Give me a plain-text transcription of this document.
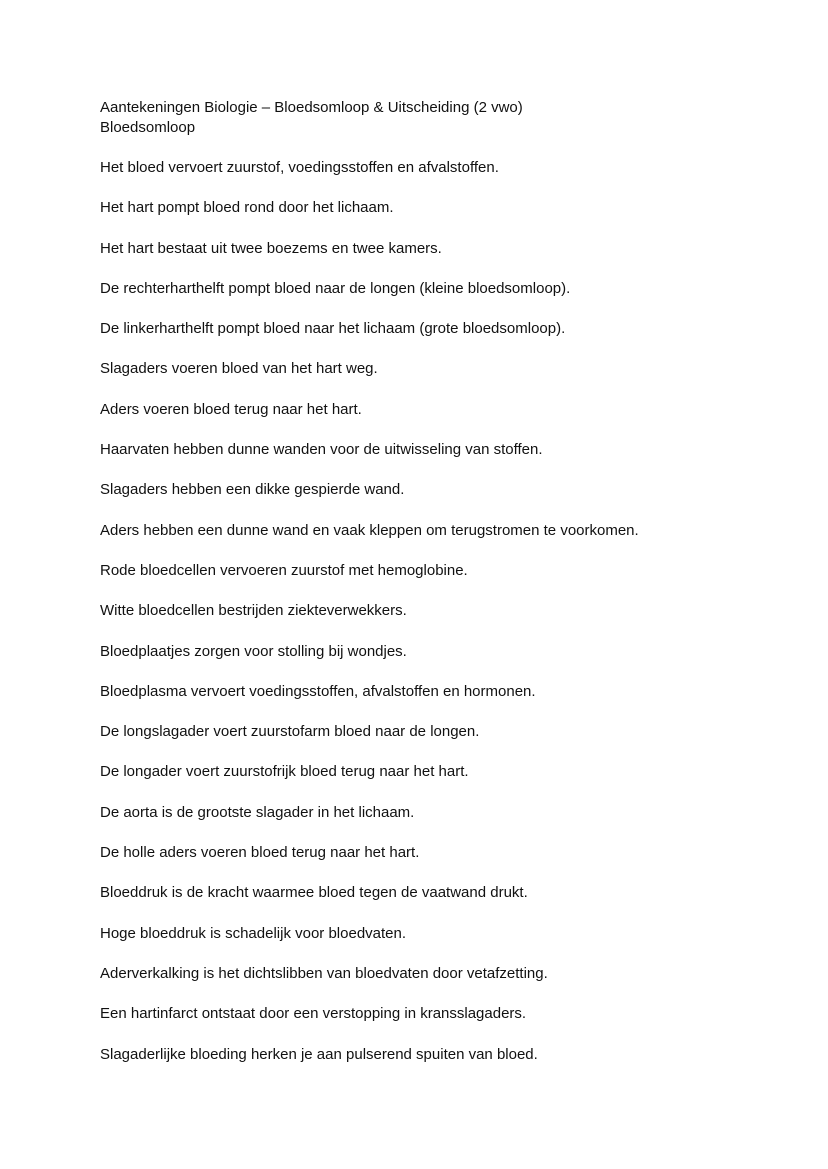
Aantekeningen Biologie – Bloedsomloop & Uitscheiding (2 vwo)

Bloedsomloop

Het bloed vervoert zuurstof, voedingsstoffen en afvalstoffen.

Het hart pompt bloed rond door het lichaam.

Het hart bestaat uit twee boezems en twee kamers.

De rechterharthelft pompt bloed naar de longen (kleine bloedsomloop).

De linkerharthelft pompt bloed naar het lichaam (grote bloedsomloop).

Slagaders voeren bloed van het hart weg.

Aders voeren bloed terug naar het hart.

Haarvaten hebben dunne wanden voor de uitwisseling van stoffen.

Slagaders hebben een dikke gespierde wand.

Aders hebben een dunne wand en vaak kleppen om terugstromen te voorkomen.

Rode bloedcellen vervoeren zuurstof met hemoglobine.

Witte bloedcellen bestrijden ziekteverwekkers.

Bloedplaatjes zorgen voor stolling bij wondjes.

Bloedplasma vervoert voedingsstoffen, afvalstoffen en hormonen.

De longslagader voert zuurstofarm bloed naar de longen.

De longader voert zuurstofrijk bloed terug naar het hart.

De aorta is de grootste slagader in het lichaam.

De holle aders voeren bloed terug naar het hart.

Bloeddruk is de kracht waarmee bloed tegen de vaatwand drukt.

Hoge bloeddruk is schadelijk voor bloedvaten.

Aderverkalking is het dichtslibben van bloedvaten door vetafzetting.

Een hartinfarct ontstaat door een verstopping in kransslagaders.

Slagaderlijke bloeding herken je aan pulserend spuiten van bloed.
